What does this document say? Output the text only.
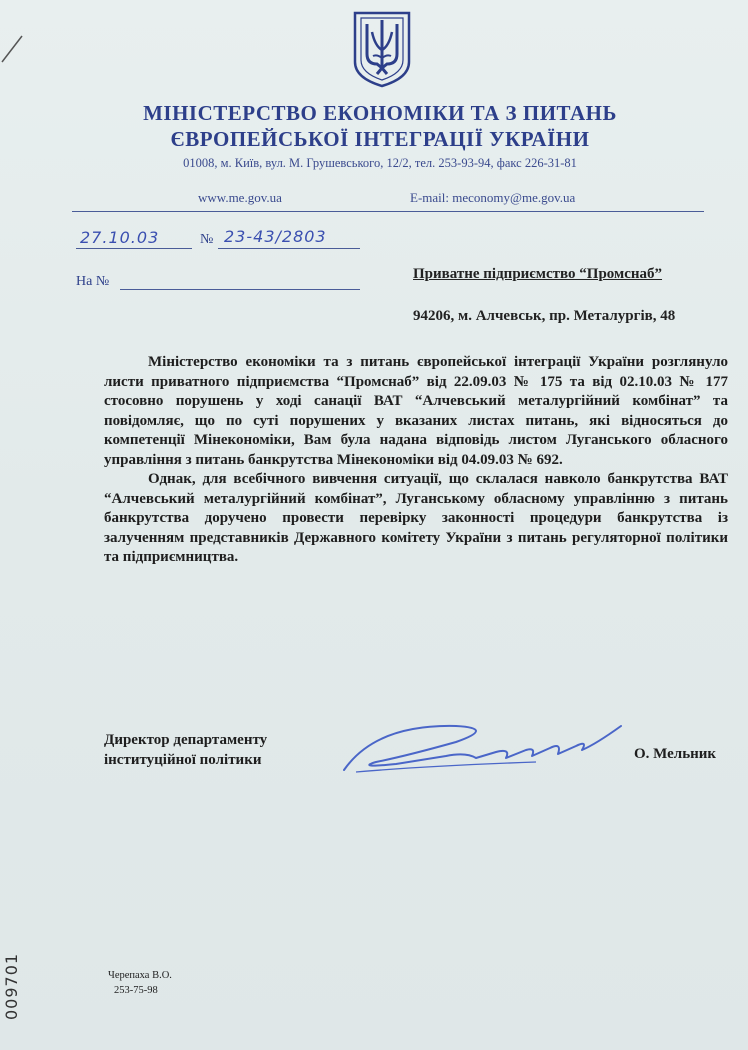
МІНІСТЕРСТВО ЕКОНОМІКИ ТА З ПИТАНЬ
ЄВРОПЕЙСЬКОЇ ІНТЕГРАЦІЇ УКРАЇНИ
01008, м. Київ, вул. М. Грушевського, 12/2, тел. 253-93-94, факс 226-31-81
www.me.gov.ua	E-mail: meconomy@me.gov.ua
27.10.03	№ 23-43/2803
На №	Приватне підприємство “Промснаб”
94206, м. Алчевськ, пр. Металургів, 48

Міністерство економіки та з питань європейської інтеграції України розглянуло листи приватного підприємства “Промснаб” від 22.09.03 № 175 та від 02.10.03 № 177 стосовно порушень у ході санації ВАТ “Алчевський металургійний комбінат” та повідомляє, що по суті порушених у вказаних листах питань, які відносяться до компетенції Мінекономіки, Вам була надана відповідь листом Луганського обласного управління з питань банкрутства Мінекономіки від 04.09.03 № 692.

Однак, для всебічного вивчення ситуації, що склалася навколо банкрутства ВАТ “Алчевський металургійний комбінат”, Луганському обласному управлінню з питань банкрутства доручено провести перевірку законності процедури банкрутства із залученням представників Державного комітету України з питань регуляторної політики та підприємництва.

Директор департаменту
інституційної політики	О. Мельник
Черепаха В.О.
253-75-98
009701
